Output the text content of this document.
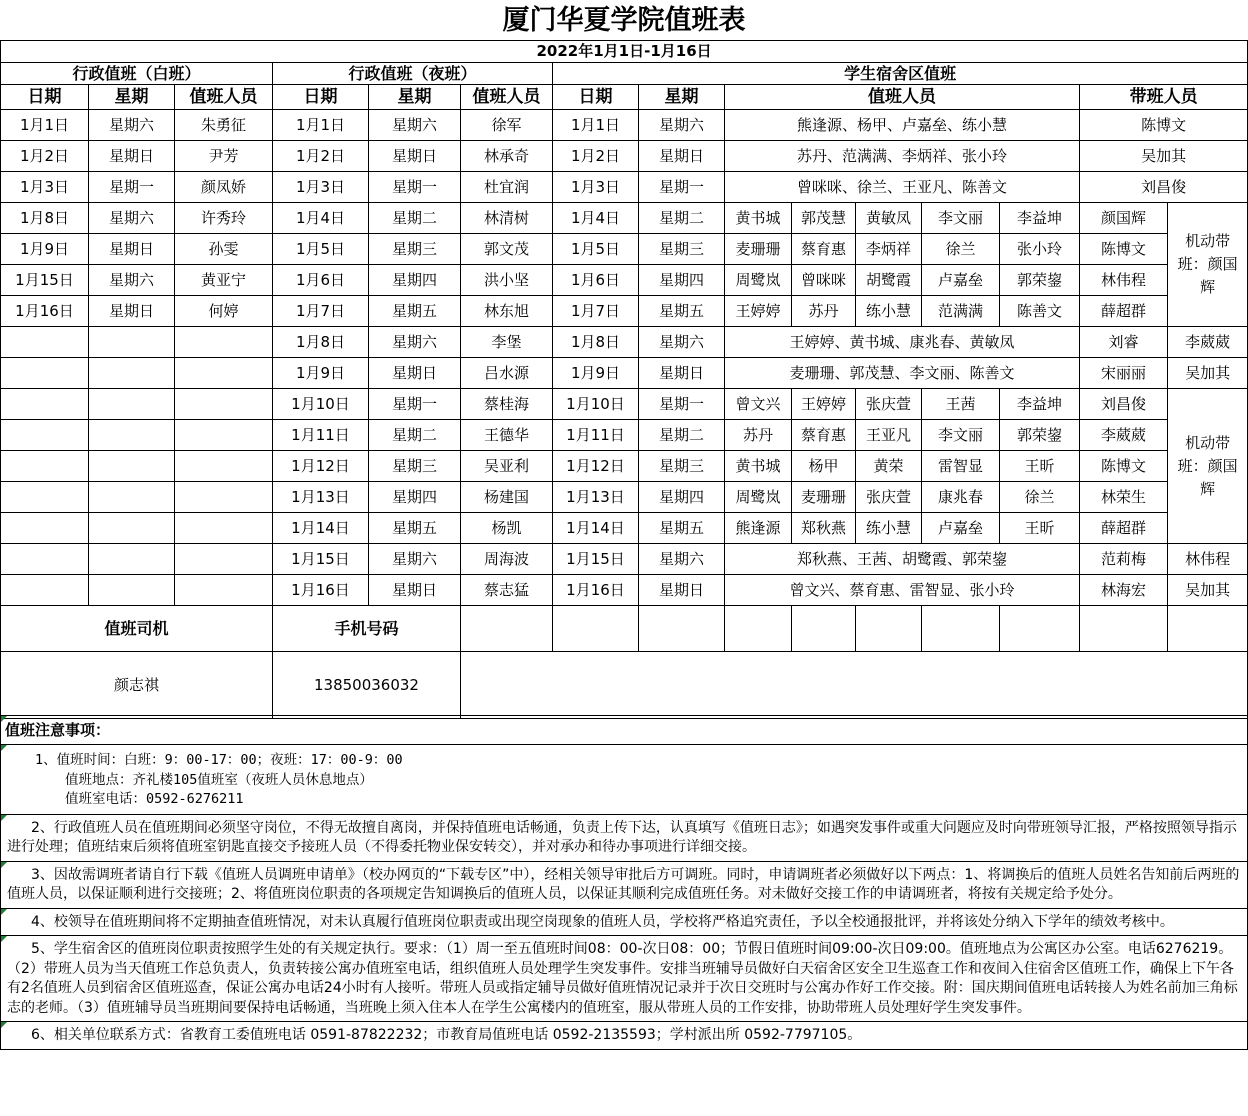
厦门华夏学院值班表
2022年1月1日-1月16日														
行政值班（白班）			行政值班（夜班）			学生宿舍区值班								
日期	星期	值班人员	日期	星期	值班人员	日期	星期	值班人员					带班人员	
1月1日	星期六	朱勇征	1月1日	星期六	徐军	1月1日	星期六	熊逢源、杨甲、卢嘉垒、练小慧					陈博文	
1月2日	星期日	尹芳	1月2日	星期日	林承奇	1月2日	星期日	苏丹、范满满、李炳祥、张小玲					吴加其	
1月3日	星期一	颜凤娇	1月3日	星期一	杜宜润	1月3日	星期一	曾咪咪、徐兰、王亚凡、陈善文					刘昌俊	
1月8日	星期六	许秀玲	1月4日	星期二	林清树	1月4日	星期二	黄书城	郭茂慧	黄敏凤	李文丽	李益坤	颜国辉	机动带班：颜国辉
1月9日	星期日	孙雯	1月5日	星期三	郭文茂	1月5日	星期三	麦珊珊	蔡育惠	李炳祥	徐兰	张小玲	陈博文	
1月15日	星期六	黄亚宁	1月6日	星期四	洪小坚	1月6日	星期四	周鹭岚	曾咪咪	胡鹭霞	卢嘉垒	郭荣鋆	林伟程	
1月16日	星期日	何婷	1月7日	星期五	林东旭	1月7日	星期五	王婷婷	苏丹	练小慧	范满满	陈善文	薛超群	
			1月8日	星期六	李堡	1月8日	星期六	王婷婷、黄书城、康兆春、黄敏凤					刘睿	李葳葳
			1月9日	星期日	吕水源	1月9日	星期日	麦珊珊、郭茂慧、李文丽、陈善文					宋丽丽	吴加其
			1月10日	星期一	蔡桂海	1月10日	星期一	曾文兴	王婷婷	张庆萱	王茜	李益坤	刘昌俊	机动带班：颜国辉
			1月11日	星期二	王德华	1月11日	星期二	苏丹	蔡育惠	王亚凡	李文丽	郭荣鋆	李葳葳	
			1月12日	星期三	吴亚利	1月12日	星期三	黄书城	杨甲	黄荣	雷智显	王昕	陈博文	
			1月13日	星期四	杨建国	1月13日	星期四	周鹭岚	麦珊珊	张庆萱	康兆春	徐兰	林荣生	
			1月14日	星期五	杨凯	1月14日	星期五	熊逢源	郑秋燕	练小慧	卢嘉垒	王昕	薛超群	
			1月15日	星期六	周海波	1月15日	星期六	郑秋燕、王茜、胡鹭霞、郭荣鋆					范莉梅	林伟程
			1月16日	星期日	蔡志猛	1月16日	星期日	曾文兴、蔡育惠、雷智显、张小玲					林海宏	吴加其
值班司机			手机号码											
颜志祺			13850036032											
值班注意事项：
1、值班时间：白班：9：00-17：00；夜班：17：00-9：00
值班地点：齐礼楼105值班室（夜班人员休息地点）
值班室电话：0592-6276211
2、行政值班人员在值班期间必须坚守岗位，不得无故擅自离岗，并保持值班电话畅通，负责上传下达，认真填写《值班日志》；如遇突发事件或重大问题应及时向带班领导汇报，严格按照领导指示进行处理；值班结束后须将值班室钥匙直接交予接班人员（不得委托物业保安转交），并对承办和待办事项进行详细交接。
3、因故需调班者请自行下载《值班人员调班申请单》（校办网页的“下载专区”中），经相关领导审批后方可调班。同时，申请调班者必须做好以下两点：1、将调换后的值班人员姓名告知前后两班的值班人员，以保证顺利进行交接班；2、将值班岗位职责的各项规定告知调换后的值班人员，以保证其顺利完成值班任务。对未做好交接工作的申请调班者，将按有关规定给予处分。
4、校领导在值班期间将不定期抽查值班情况，对未认真履行值班岗位职责或出现空岗现象的值班人员，学校将严格追究责任，予以全校通报批评，并将该处分纳入下学年的绩效考核中。
5、学生宿舍区的值班岗位职责按照学生处的有关规定执行。要求：（1）周一至五值班时间08：00-次日08：00；节假日值班时间09:00-次日09:00。值班地点为公寓区办公室。电话6276219。（2）带班人员为当天值班工作总负责人，负责转接公寓办值班室电话，组织值班人员处理学生突发事件。安排当班辅导员做好白天宿舍区安全卫生巡查工作和夜间入住宿舍区值班工作，确保上下午各有2名值班人员到宿舍区值班巡查，保证公寓办电话24小时有人接听。带班人员或指定辅导员做好值班情况记录并于次日交班时与公寓办作好工作交接。附：国庆期间值班电话转接人为姓名前加三角标志的老师。（3）值班辅导员当班期间要保持电话畅通，当班晚上须入住本人在学生公寓楼内的值班室，服从带班人员的工作安排，协助带班人员处理好学生突发事件。
6、相关单位联系方式：省教育工委值班电话 0591-87822232；市教育局值班电话 0592-2135593；学村派出所 0592-7797105。
